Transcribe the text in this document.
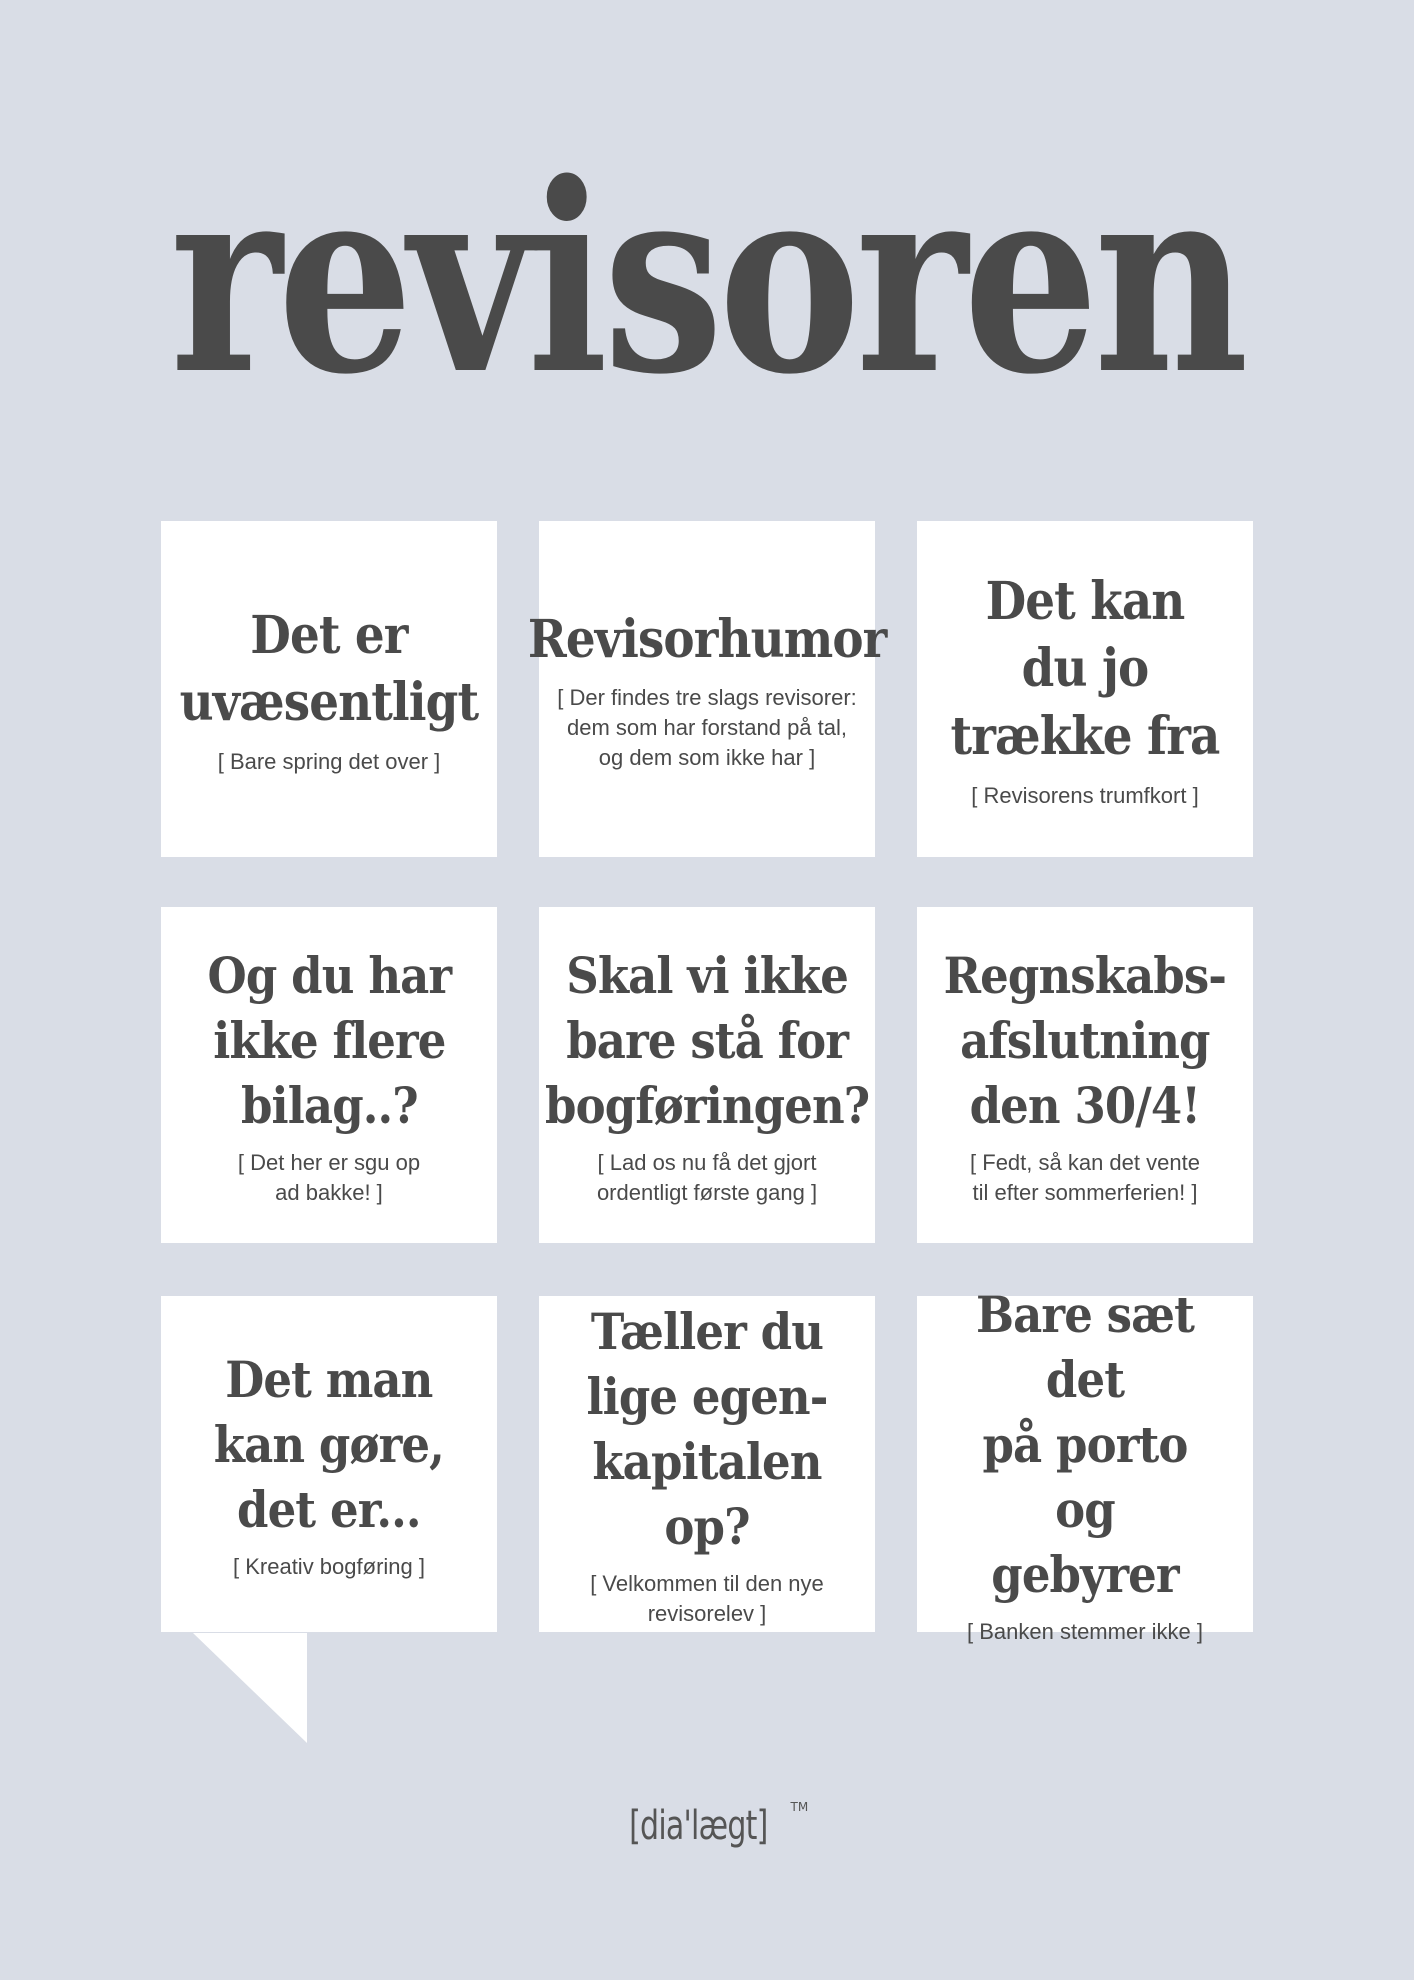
revisoren
Det er
uvæsentligt
[ Bare spring det over ]
Revisorhumor
[ Der findes tre slags revisorer:
dem som har forstand på tal,
og dem som ikke har ]
Det kan du jo
trække fra
[ Revisorens trumfkort ]
Og du har
ikke flere
bilag..?
[ Det her er sgu op
ad bakke! ]
Skal vi ikke
bare stå for
bogføringen?
[ Lad os nu få det gjort
ordentligt første gang ]
Regnskabs-
afslutning
den 30/4!
[ Fedt, så kan det vente
til efter sommerferien! ]
Det man
kan gøre,
det er...
[ Kreativ bogføring ]
Tæller du
lige egen-
kapitalen op?
[ Velkommen til den nye
revisorelev ]
Bare sæt det
på porto og
gebyrer
[ Banken stemmer ikke ]
[dia'lægt] ™
